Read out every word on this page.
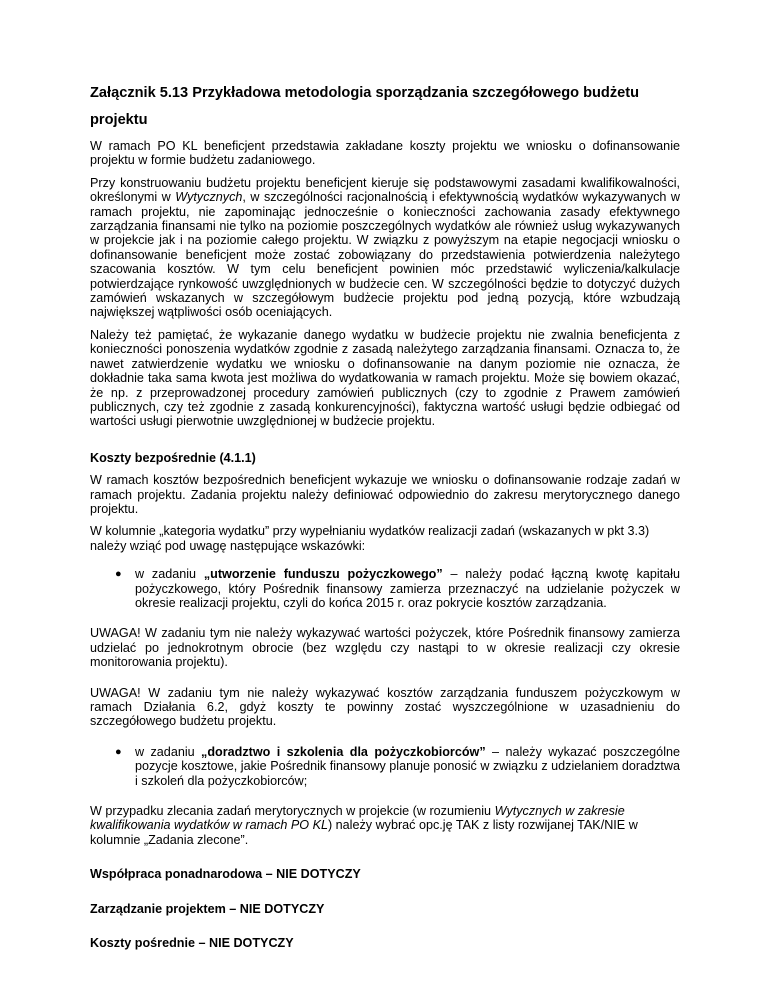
Załącznik 5.13 Przykładowa metodologia sporządzania szczegółowego budżetu projektu

W ramach PO KL beneficjent przedstawia zakładane koszty projektu we wniosku o dofinansowanie projektu w formie budżetu zadaniowego.

Przy konstruowaniu budżetu projektu beneficjent kieruje się podstawowymi zasadami kwalifikowalności, określonymi w Wytycznych, w szczególności racjonalnością i efektywnością wydatków wykazywanych w ramach projektu, nie zapominając jednocześnie o konieczności zachowania zasady efektywnego zarządzania finansami nie tylko na poziomie poszczególnych wydatków ale również usług wykazywanych w projekcie jak i na poziomie całego projektu. W związku z powyższym na etapie negocjacji wniosku o dofinansowanie beneficjent może zostać zobowiązany do przedstawienia potwierdzenia należytego szacowania kosztów. W tym celu beneficjent powinien móc przedstawić wyliczenia/kalkulacje potwierdzające rynkowość uwzględnionych w budżecie cen. W szczególności będzie to dotyczyć dużych zamówień wskazanych w szczegółowym budżecie projektu pod jedną pozycją, które wzbudzają największej wątpliwości osób oceniających.

Należy też pamiętać, że wykazanie danego wydatku w budżecie projektu nie zwalnia beneficjenta z konieczności ponoszenia wydatków zgodnie z zasadą należytego zarządzania finansami. Oznacza to, że nawet zatwierdzenie wydatku we wniosku o dofinansowanie na danym poziomie nie oznacza, że dokładnie taka sama kwota jest możliwa do wydatkowania w ramach projektu. Może się bowiem okazać, że np. z przeprowadzonej procedury zamówień publicznych (czy to zgodnie z Prawem zamówień publicznych, czy też zgodnie z zasadą konkurencyjności), faktyczna wartość usługi będzie odbiegać od wartości usługi pierwotnie uwzględnionej w budżecie projektu.

Koszty bezpośrednie (4.1.1)

W ramach kosztów bezpośrednich beneficjent wykazuje we wniosku o dofinansowanie rodzaje zadań w ramach projektu. Zadania projektu należy definiować odpowiednio do zakresu merytorycznego danego projektu.

W kolumnie „kategoria wydatku” przy wypełnianiu wydatków realizacji zadań (wskazanych w pkt 3.3) należy wziąć pod uwagę następujące wskazówki:

● w zadaniu „utworzenie funduszu pożyczkowego” – należy podać łączną kwotę kapitału pożyczkowego, który Pośrednik finansowy zamierza przeznaczyć na udzielanie pożyczek w okresie realizacji projektu, czyli do końca 2015 r. oraz pokrycie kosztów zarządzania.

UWAGA! W zadaniu tym nie należy wykazywać wartości pożyczek, które Pośrednik finansowy zamierza udzielać po jednokrotnym obrocie (bez względu czy nastąpi to w okresie realizacji czy okresie monitorowania projektu).

UWAGA! W zadaniu tym nie należy wykazywać kosztów zarządzania funduszem pożyczkowym w ramach Działania 6.2, gdyż koszty te powinny zostać wyszczególnione w uzasadnieniu do szczegółowego budżetu projektu.

● w zadaniu „doradztwo i szkolenia dla pożyczkobiorców” – należy wykazać poszczególne pozycje kosztowe, jakie Pośrednik finansowy planuje ponosić w związku z udzielaniem doradztwa i szkoleń dla pożyczkobiorców;

W przypadku zlecania zadań merytorycznych w projekcie (w rozumieniu Wytycznych w zakresie kwalifikowania wydatków w ramach PO KL) należy wybrać opc.ję TAK z listy rozwijanej TAK/NIE w kolumnie „Zadania zlecone”.

Współpraca ponadnarodowa – NIE DOTYCZY
Zarządzanie projektem – NIE DOTYCZY
Koszty pośrednie – NIE DOTYCZY
